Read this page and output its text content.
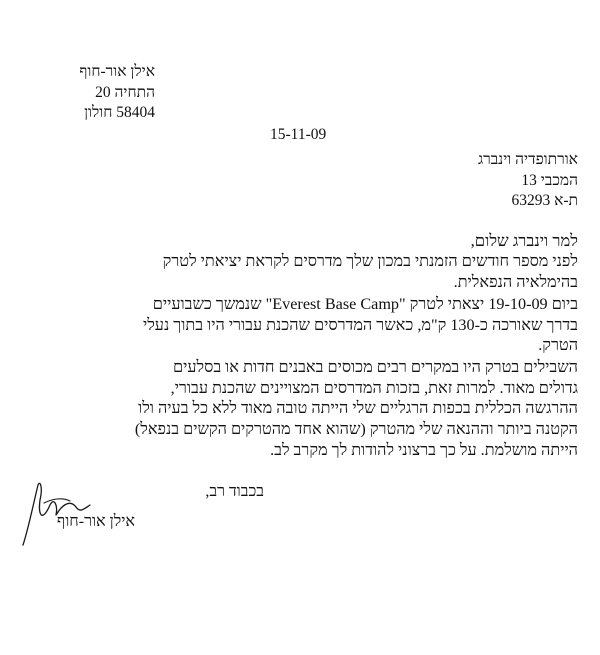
אילן אור-חוף
התחיה 20
58404 חולון
15-11-09
אורתופדיה וינברג
המכבי 13
ת-א 63293
למר וינברג שלום,
לפני מספר חודשים הזמנתי במכון שלך מדרסים לקראת יציאתי לטרק
בהימלאיה הנפאלית.
ביום 19-10-09 יצאתי לטרק "Everest Base Camp" שנמשך כשבועיים
בדרך שאורכה כ-130 ק"מ, כאשר המדרסים שהכנת עבורי היו בתוך נעלי
הטרק.
השבילים בטרק היו במקרים רבים מכוסים באבנים חדות או בסלעים
גדולים מאוד. למרות זאת, בזכות המדרסים המצויינים שהכנת עבורי,
ההרגשה הכללית בכפות הרגליים שלי הייתה טובה מאוד ללא כל בעיה ולו
הקטנה ביותר וההנאה שלי מהטרק (שהוא אחד מהטרקים הקשים בנפאל)
הייתה מושלמת. על כך ברצוני להודות לך מקרב לב.
בכבוד רב,
אילן אור-חוף
